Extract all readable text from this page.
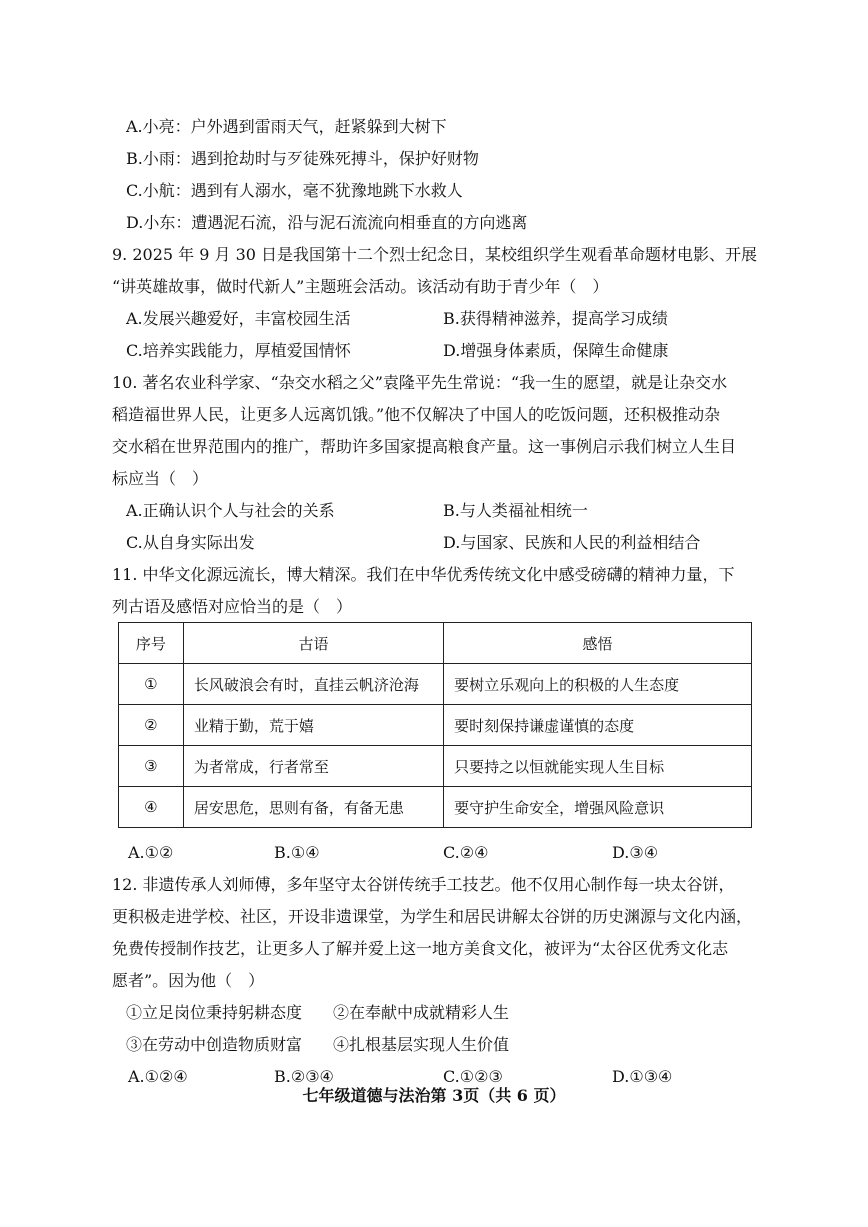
A.小亮：户外遇到雷雨天气，赶紧躲到大树下
B.小雨：遇到抢劫时与歹徒殊死搏斗，保护好财物
C.小航：遇到有人溺水，毫不犹豫地跳下水救人
D.小东：遭遇泥石流，沿与泥石流流向相垂直的方向逃离
9. 2025 年 9 月 30 日是我国第十二个烈士纪念日，某校组织学生观看革命题材电影、开展
“讲英雄故事，做时代新人”主题班会活动。该活动有助于青少年（　）
A.发展兴趣爱好，丰富校园生活	B.获得精神滋养，提高学习成绩
C.培养实践能力，厚植爱国情怀	D.增强身体素质，保障生命健康
10. 著名农业科学家、“杂交水稻之父”袁隆平先生常说：“我一生的愿望，就是让杂交水
稻造福世界人民，让更多人远离饥饿。”他不仅解决了中国人的吃饭问题，还积极推动杂
交水稻在世界范围内的推广，帮助许多国家提高粮食产量。这一事例启示我们树立人生目
标应当（　）
A.正确认识个人与社会的关系	B.与人类福祉相统一
C.从自身实际出发	D.与国家、民族和人民的利益相结合
11. 中华文化源远流长，博大精深。我们在中华优秀传统文化中感受磅礴的精神力量，下
列古语及感悟对应恰当的是（　）
序号	古语	感悟
①	长风破浪会有时，直挂云帆济沧海	要树立乐观向上的积极的人生态度
②	业精于勤，荒于嬉	要时刻保持谦虚谨慎的态度
③	为者常成，行者常至	只要持之以恒就能实现人生目标
④	居安思危，思则有备，有备无患	要守护生命安全，增强风险意识
A.①②	B.①④	C.②④	D.③④
12. 非遗传承人刘师傅，多年坚守太谷饼传统手工技艺。他不仅用心制作每一块太谷饼，
更积极走进学校、社区，开设非遗课堂，为学生和居民讲解太谷饼的历史渊源与文化内涵，
免费传授制作技艺，让更多人了解并爱上这一地方美食文化，被评为“太谷区优秀文化志
愿者”。因为他（　）
①立足岗位秉持躬耕态度 ②在奉献中成就精彩人生
③在劳动中创造物质财富 ④扎根基层实现人生价值
A.①②④	B.②③④	C.①②③	D.①③④
七年级道德与法治第 3页（共 6 页）
